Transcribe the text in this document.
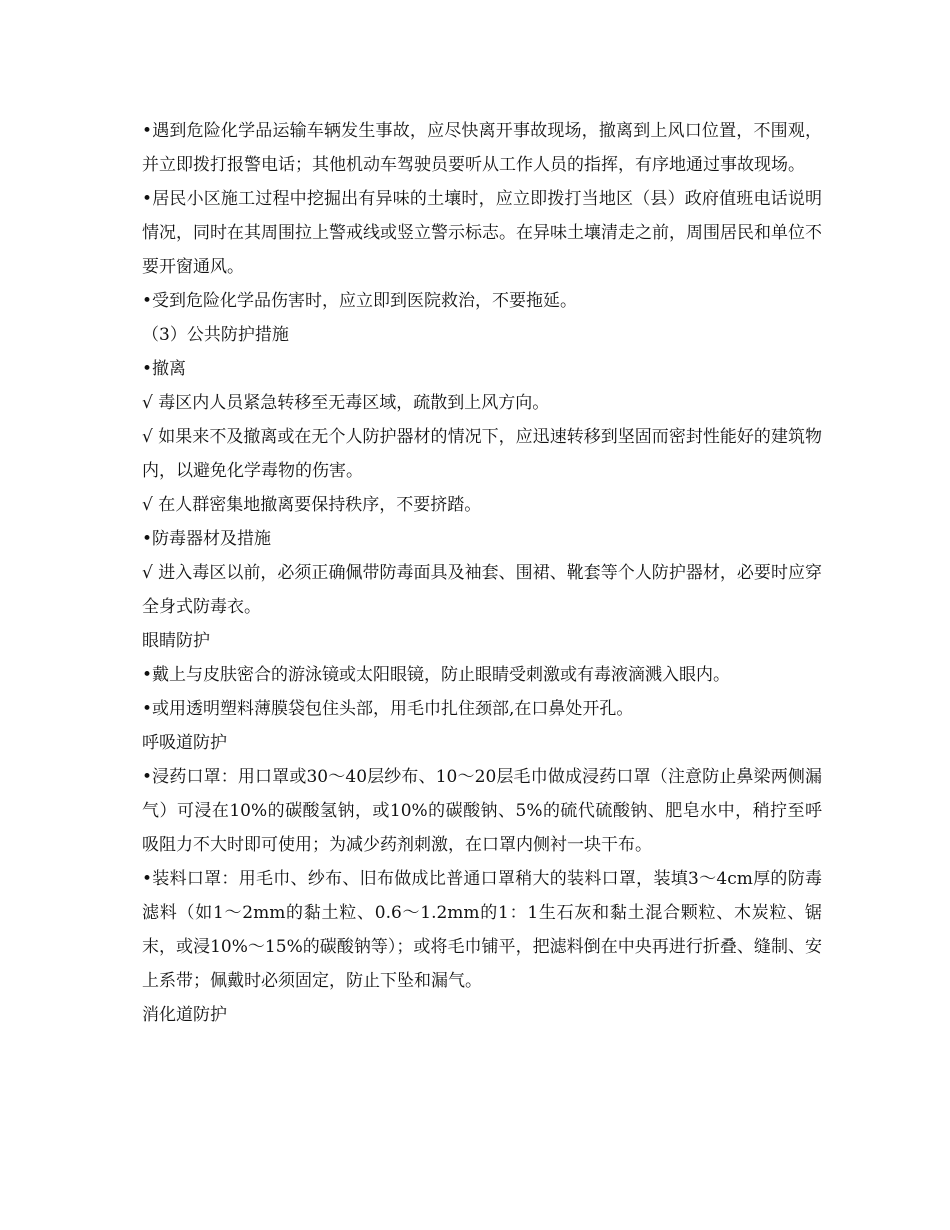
•遇到危险化学品运输车辆发生事故，应尽快离开事故现场，撤离到上风口位置，不围观，并立即拨打报警电话；其他机动车驾驶员要听从工作人员的指挥，有序地通过事故现场。

•居民小区施工过程中挖掘出有异味的土壤时，应立即拨打当地区（县）政府值班电话说明情况，同时在其周围拉上警戒线或竖立警示标志。在异味土壤清走之前，周围居民和单位不要开窗通风。

•受到危险化学品伤害时，应立即到医院救治，不要拖延。

（3）公共防护措施

•撤离

√ 毒区内人员紧急转移至无毒区域，疏散到上风方向。

√ 如果来不及撤离或在无个人防护器材的情况下，应迅速转移到坚固而密封性能好的建筑物内，以避免化学毒物的伤害。

√ 在人群密集地撤离要保持秩序，不要挤踏。

•防毒器材及措施

√ 进入毒区以前，必须正确佩带防毒面具及袖套、围裙、靴套等个人防护器材，必要时应穿全身式防毒衣。

眼睛防护

•戴上与皮肤密合的游泳镜或太阳眼镜，防止眼睛受刺激或有毒液滴溅入眼内。

•或用透明塑料薄膜袋包住头部，用毛巾扎住颈部,在口鼻处开孔。

呼吸道防护

•浸药口罩：用口罩或30～40层纱布、10～20层毛巾做成浸药口罩（注意防止鼻梁两侧漏气）可浸在10%的碳酸氢钠，或10%的碳酸钠、5%的硫代硫酸钠、肥皂水中，稍拧至呼吸阻力不大时即可使用；为减少药剂刺激，在口罩内侧衬一块干布。

•装料口罩：用毛巾、纱布、旧布做成比普通口罩稍大的装料口罩，装填3～4cm厚的防毒滤料（如1～2mm的黏土粒、0.6～1.2mm的1：1生石灰和黏土混合颗粒、木炭粒、锯末，或浸10%～15%的碳酸钠等）；或将毛巾铺平，把滤料倒在中央再进行折叠、缝制、安上系带；佩戴时必须固定，防止下坠和漏气。

消化道防护
